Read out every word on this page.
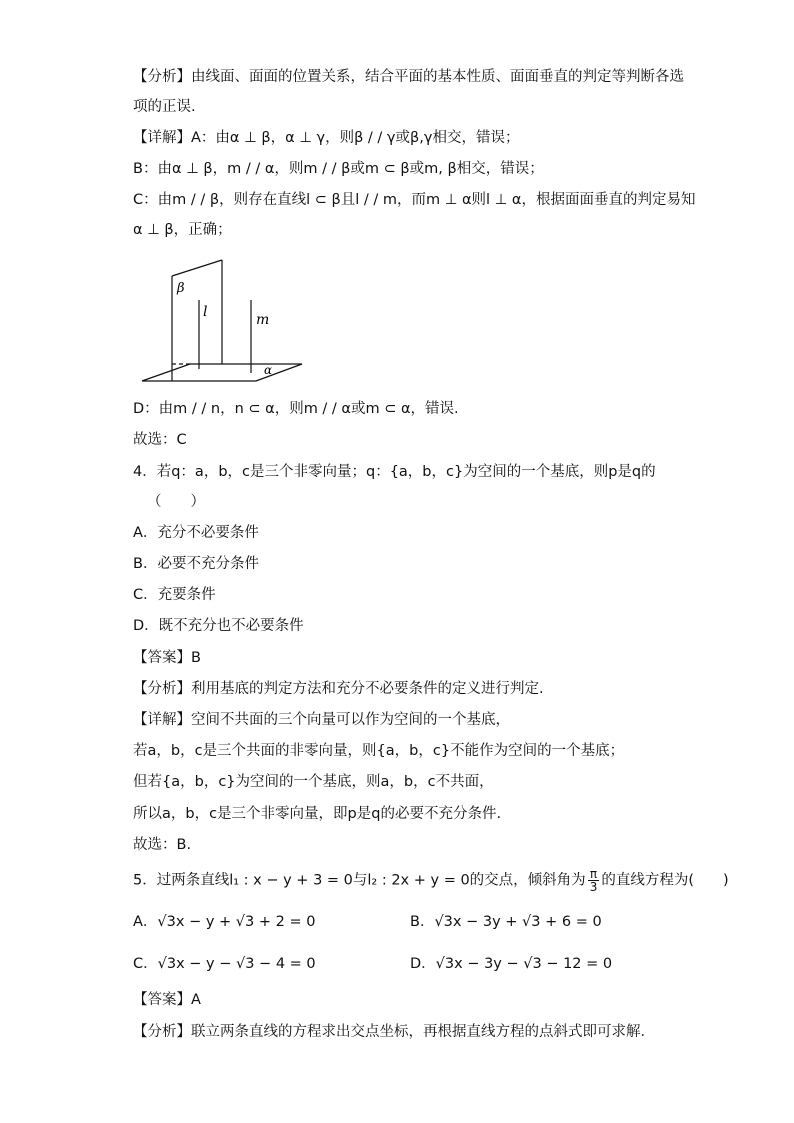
【分析】由线面、面面的位置关系，结合平面的基本性质、面面垂直的判定等判断各选
项的正误.
【详解】A：由α ⊥ β，α ⊥ γ，则β / / γ或β,γ相交，错误；
B：由α ⊥ β，m / / α，则m / / β或m ⊂ β或m, β相交，错误；
C：由m / / β，则存在直线l ⊂ β且l / / m，而m ⊥ α则l ⊥ α，根据面面垂直的判定易知
α ⊥ β，正确；
β
l	m
α
D：由m / / n，n ⊂ α，则m / / α或m ⊂ α，错误.
故选：C
4．若q：a，b，c是三个非零向量；q：{a，b，c}为空间的一个基底，则p是q的
（　　）
A．充分不必要条件
B．必要不充分条件
C．充要条件
D．既不充分也不必要条件
【答案】B
【分析】利用基底的判定方法和充分不必要条件的定义进行判定.
【详解】空间不共面的三个向量可以作为空间的一个基底，
若a，b，c是三个共面的非零向量，则{a，b，c}不能作为空间的一个基底；
但若{a，b，c}为空间的一个基底，则a，b，c不共面，
所以a，b，c是三个非零向量，即p是q的必要不充分条件.
故选：B.
5．过两条直线l₁ : x − y + 3 = 0与l₂ : 2x + y = 0的交点，倾斜角为 $\frac{\pi}{3}$ 的直线方程为(　　)
A．√3x − y + √3 + 2 = 0	B．√3x − 3y + √3 + 6 = 0
C．√3x − y − √3 − 4 = 0	D．√3x − 3y − √3 − 12 = 0
【答案】A
【分析】联立两条直线的方程求出交点坐标，再根据直线方程的点斜式即可求解．
